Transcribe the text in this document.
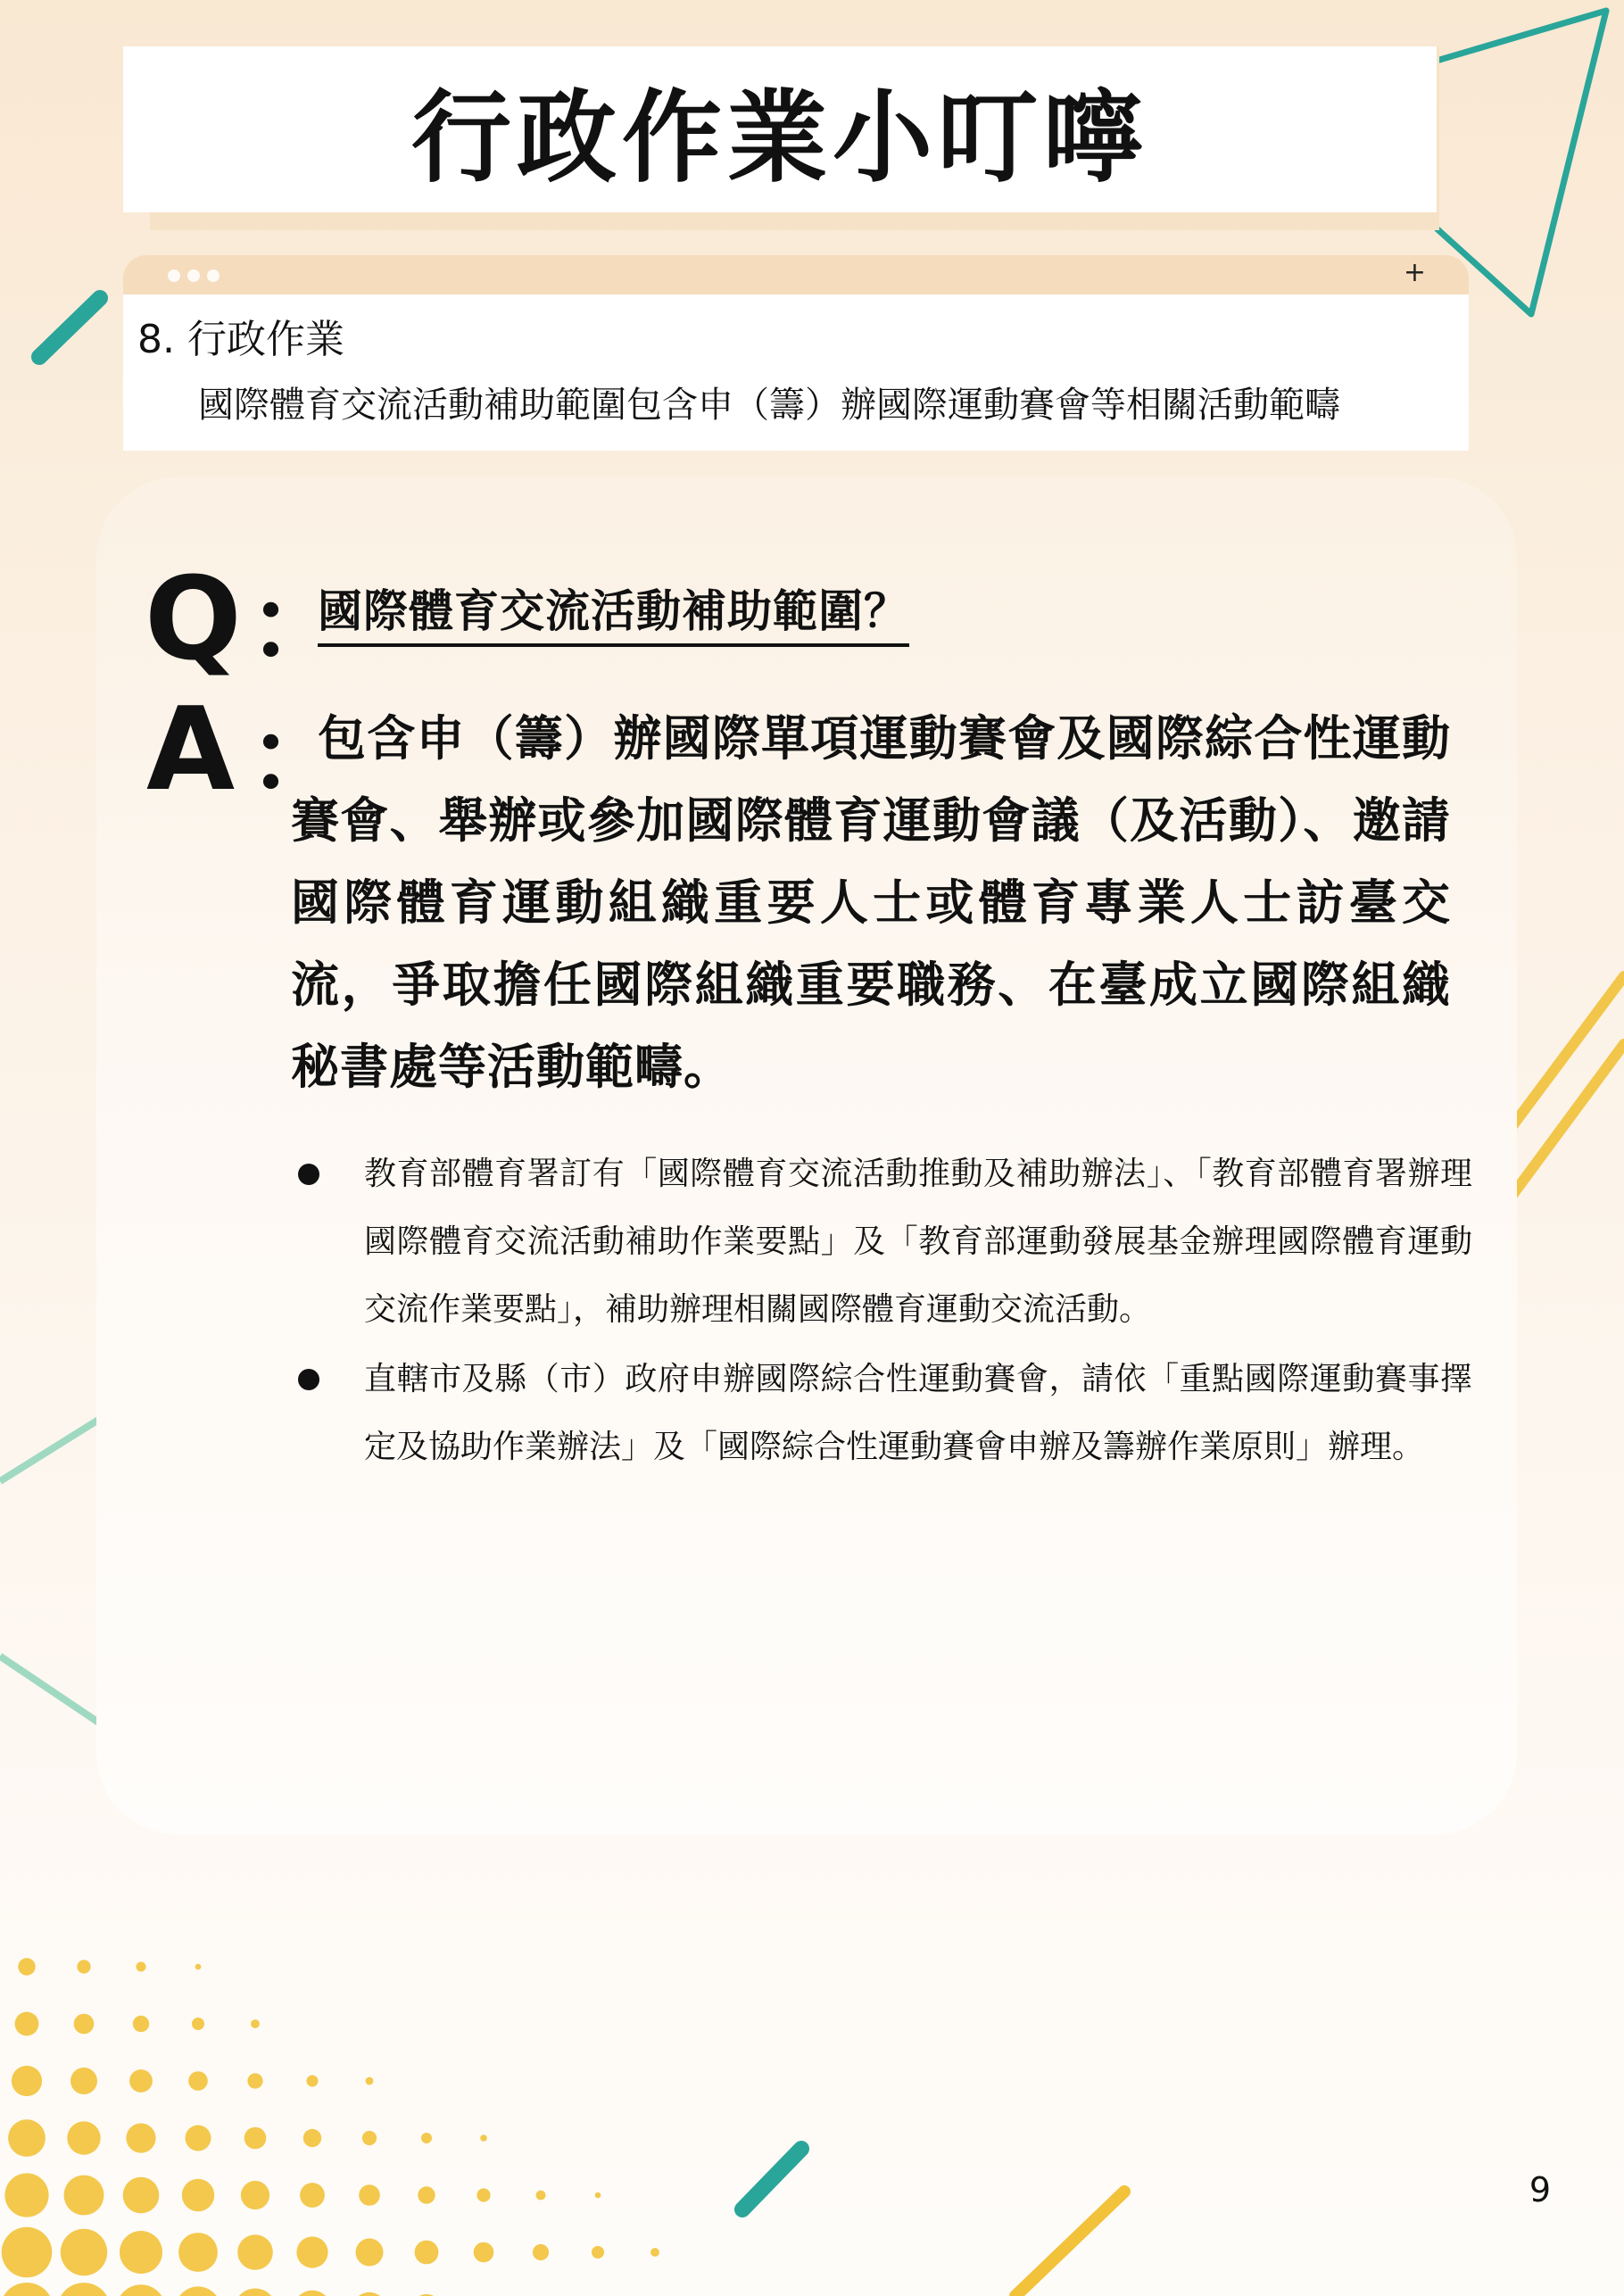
行政作業小叮嚀
+
8. 行政作業
國際體育交流活動補助範圍包含申（籌）辦國際運動賽會等相關活動範疇
Q ：
國際體育交流活動補助範圍？
A ：
包含申（籌）辦國際單項運動賽會及國際綜合性運動賽會、舉辦或參加國際體育運動會議（及活動）、邀請國際體育運動組織重要人士或體育專業人士訪臺交流，爭取擔任國際組織重要職務、在臺成立國際組織秘書處等活動範疇。
教育部體育署訂有「國際體育交流活動推動及補助辦法」、「教育部體育署辦理國際體育交流活動補助作業要點」及「教育部運動發展基金辦理國際體育運動交流作業要點」，補助辦理相關國際體育運動交流活動。
直轄市及縣（市）政府申辦國際綜合性運動賽會，請依「重點國際運動賽事擇定及協助作業辦法」及「國際綜合性運動賽會申辦及籌辦作業原則」辦理。
9
